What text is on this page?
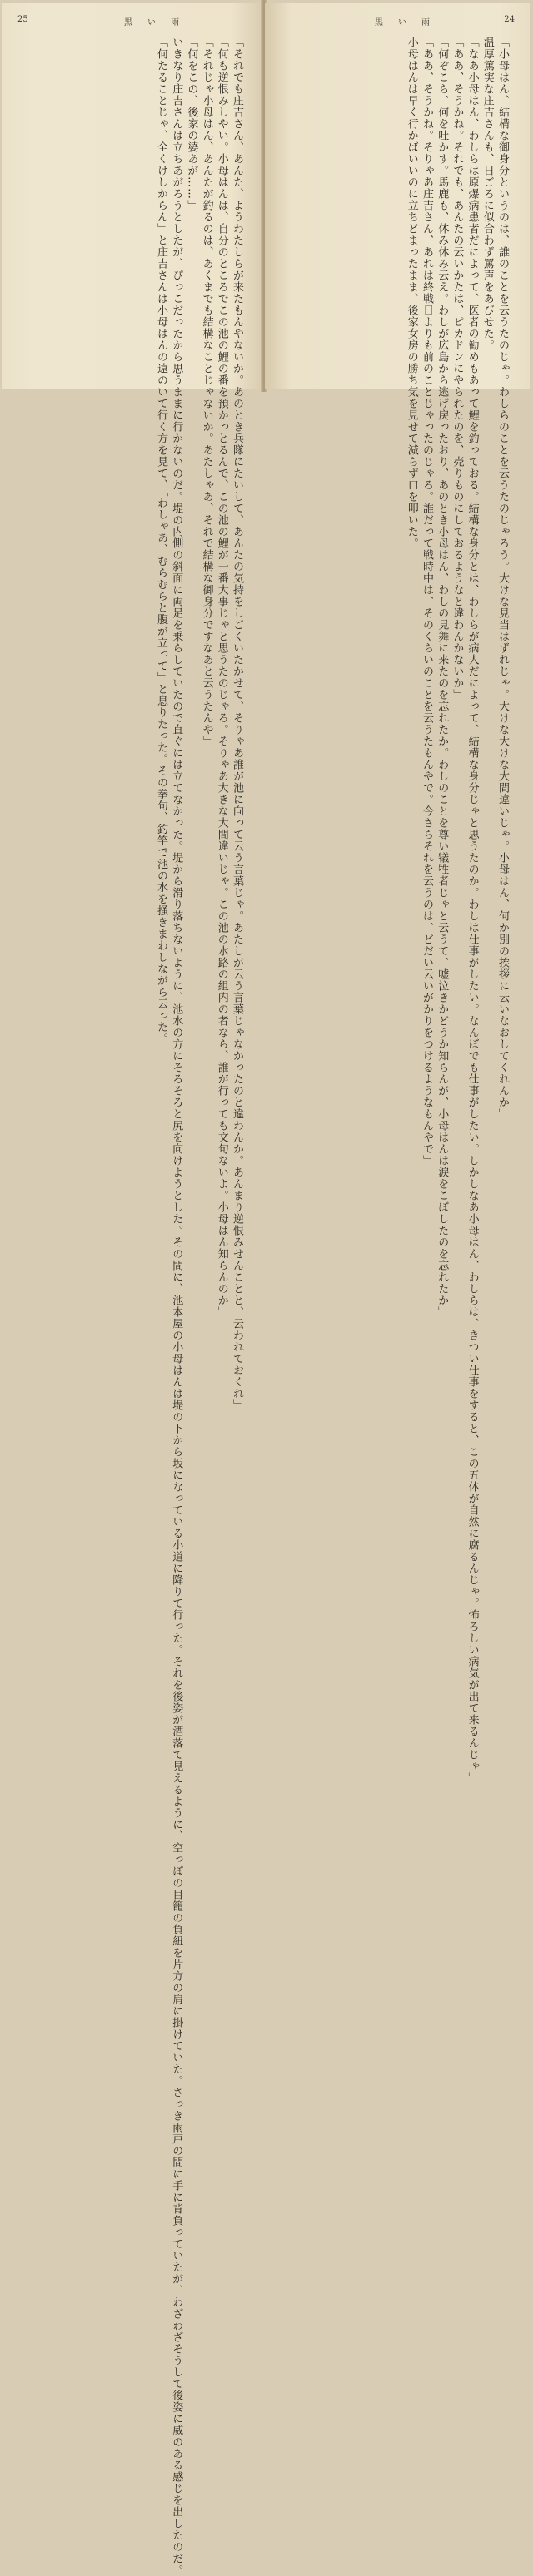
25	黒い雨
「それでも庄吉さん、あんた、ようわたしらが来たもんやないか。あのとき兵隊にたいして、あんたの気持をしごくいたかせて、そりゃあ誰が池に向って云う言葉じゃ。あたしが云う言葉じゃなかったのと違わんか。あんまり逆恨みせんことと、云われておくれ」
「何も逆恨みしやい。小母はんは、自分のところでこの池の鯉の番を預かっとるんで、この池の鯉が一番大事じゃと思うたのじゃろ。そりゃあ大きな大間違いじゃ。この池の水路の組内の者なら、誰が行っても文句ないよ。小母はん知らんのか」
「それじゃ小母はん、あんたが釣るのは、あくまでも結構なことじゃないか。あたしゃあ、それで結構な御身分ですなあと云うたんや」
「何をこの、後家の婆あが……」
いきなり庄吉さんは立ちあがろうとしたが、ぴっこだったから思うままに行かないのだ。堤の内側の斜面に両足を乗らしていたので直ぐには立てなかった。堤から滑り落ちないように、池水の方にそろそろと尻を向けようとした。その間に、池本屋の小母はんは堤の下から坂になっている小道に降りて行った。それを後姿が酒落て見えるように、空っぽの目籠の負紐を片方の肩に掛けていた。さっき雨戸の間に手に背負っていたが、わざわざそうして後姿に威のある感じを出したのだ。
「何たることじゃ、全くけしからん」と庄吉さんは小母はんの遠のいて行く方を見て、「わしゃあ、むらむらと腹が立って」と息りたった。その拳句、釣竿で池の水を掻きまわしながら云った。
黒い雨	24
「小母はん、結構な御身分というのは、誰のことを云うたのじゃ。わしらのことを云うたのじゃろう。大けな見当はずれじゃ。大けな大けな大間違いじゃ。小母はん、何か別の挨拶に云いなおしてくれんか」
温厚篤実な庄吉さんも、日ごろに似合わず罵声をあびせた。
「なあ小母はん、わしらは原爆病患者だによって、医者の勧めもあって鯉を釣っておる。結構な身分とは、わしらが病人だによって、結構な身分じゃと思うたのか。わしは仕事がしたい。なんぼでも仕事がしたい。しかしなあ小母はん、わしらは、きつい仕事をすると、この五体が自然に腐るんじゃ。怖ろしい病気が出て来るんじゃ」
「ああ、そうかね。それでも、あんたの云いかたは、ピカドンにやられたのを、売りものにしておるようなと違わんかないか」
「何ぞこら、何を吐かす。馬鹿も、休み休み云え。わしが広島から逃げ戻ったおり、あのとき小母はん、わしの見舞に来たのを忘れたか。わしのことを尊い犠牲者じゃと云うて、嘘泣きかどうか知らんが、小母はんは涙をこぼしたのを忘れたか」
「ああ、そうかね。そりゃあ庄吉さん、あれは終戦日よりも前のことじゃったのじゃろ。誰だって戦時中は、そのくらいのことを云うたもんやで。今さらそれを云うのは、どだい云いがかりをつけるようなもんやで」
小母はんは早く行かばいいのに立ちどまったまま、後家女房の勝ち気を見せて減らず口を叩いた。
